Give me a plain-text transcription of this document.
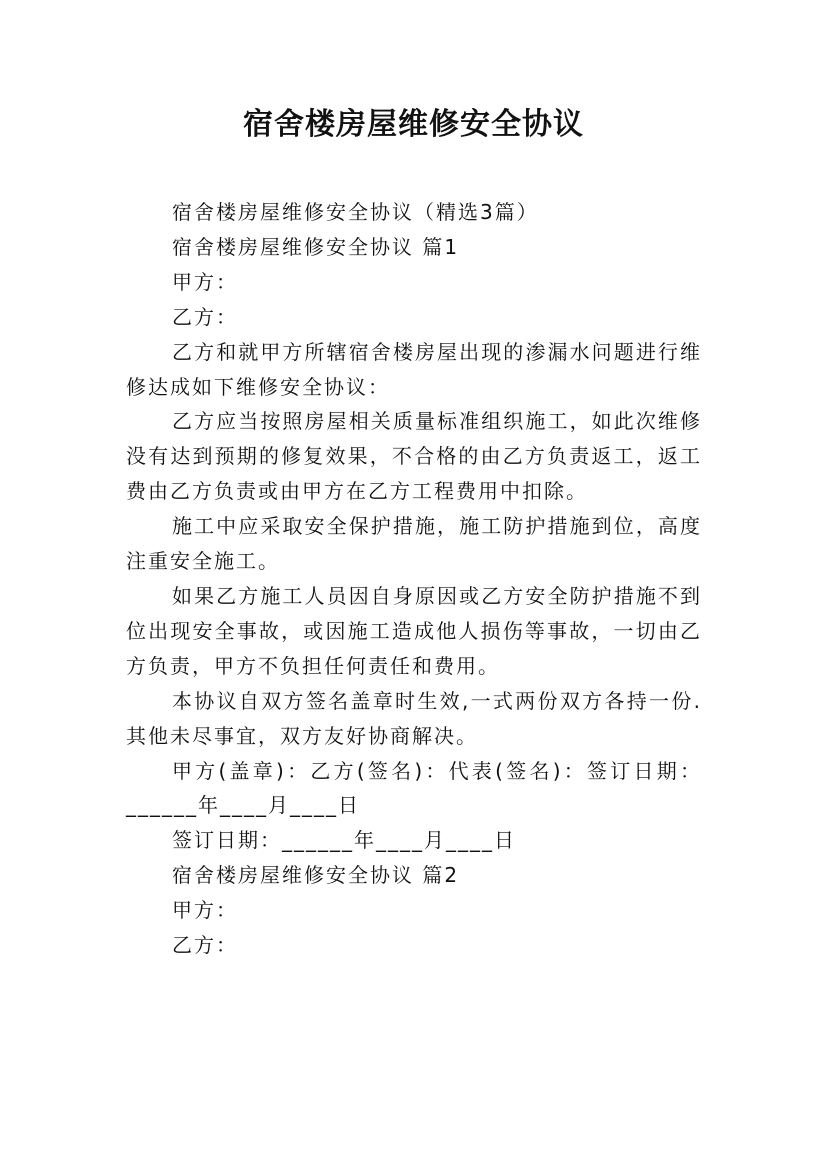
宿舍楼房屋维修安全协议

宿舍楼房屋维修安全协议（精选3篇）

宿舍楼房屋维修安全协议 篇1

甲方：

乙方：

乙方和就甲方所辖宿舍楼房屋出现的渗漏水问题进行维修达成如下维修安全协议：

乙方应当按照房屋相关质量标准组织施工，如此次维修没有达到预期的修复效果，不合格的由乙方负责返工，返工费由乙方负责或由甲方在乙方工程费用中扣除。

施工中应采取安全保护措施，施工防护措施到位，高度注重安全施工。

如果乙方施工人员因自身原因或乙方安全防护措施不到位出现安全事故，或因施工造成他人损伤等事故，一切由乙方负责，甲方不负担任何责任和费用。

本协议自双方签名盖章时生效,一式两份双方各持一份.其他未尽事宜，双方友好协商解决。

甲方(盖章)：乙方(签名)：代表(签名)：签订日期：______年____月____日

签订日期：______年____月____日

宿舍楼房屋维修安全协议 篇2

甲方：

乙方：
